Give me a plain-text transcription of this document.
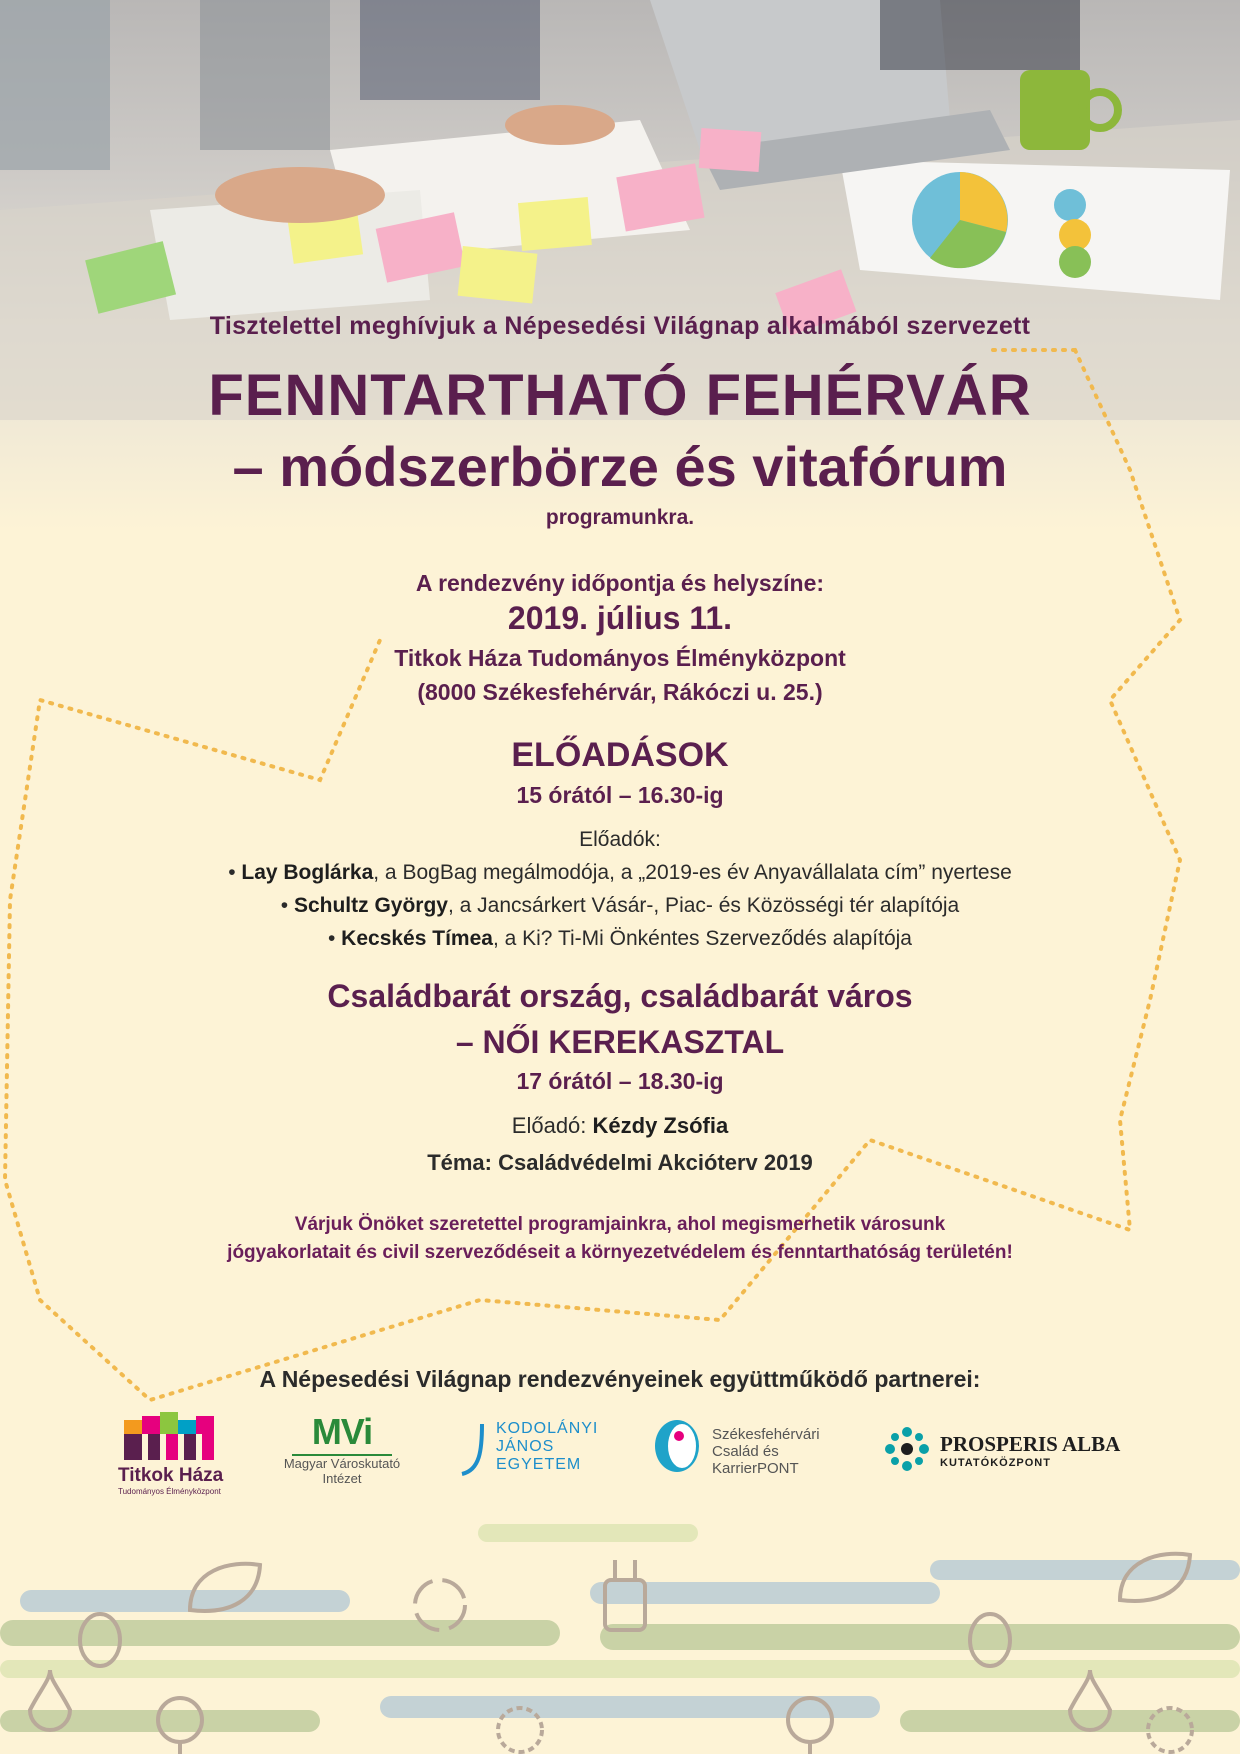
Tisztelettel meghívjuk a Népesedési Világnap alkalmából szervezett
FENNTARTHATÓ FEHÉRVÁR
– módszerbörze és vitafórum
programunkra.
A rendezvény időpontja és helyszíne:
2019. július 11.
Titkok Háza Tudományos Élményközpont
(8000 Székesfehérvár, Rákóczi u. 25.)
ELŐADÁSOK
15 órától – 16.30-ig
Előadók:
• Lay Boglárka, a BogBag megálmodója, a „2019-es év Anyavállalata cím” nyertese
• Schultz György, a Jancsárkert Vásár-, Piac- és Közösségi tér alapítója
• Kecskés Tímea, a Ki? Ti-Mi Önkéntes Szerveződés alapítója
Családbarát ország, családbarát város
– NŐI KEREKASZTAL
17 órától – 18.30-ig
Előadó: Kézdy Zsófia
Téma: Családvédelmi Akcióterv 2019
Várjuk Önöket szeretettel programjainkra, ahol megismerhetik városunk
jógyakorlatait és civil szerveződéseit a környezetvédelem és fenntarthatóság területén!
A Népesedési Világnap rendezvényeinek együttműködő partnerei:
Titkok Háza
Tudományos Élményközpont
MVi
Magyar Városkutató
Intézet
KODOLÁNYI
JÁNOS
EGYETEM
Székesfehérvári
Család és KarrierPONT
PROSPERIS ALBA
KUTATÓKÖZPONT
